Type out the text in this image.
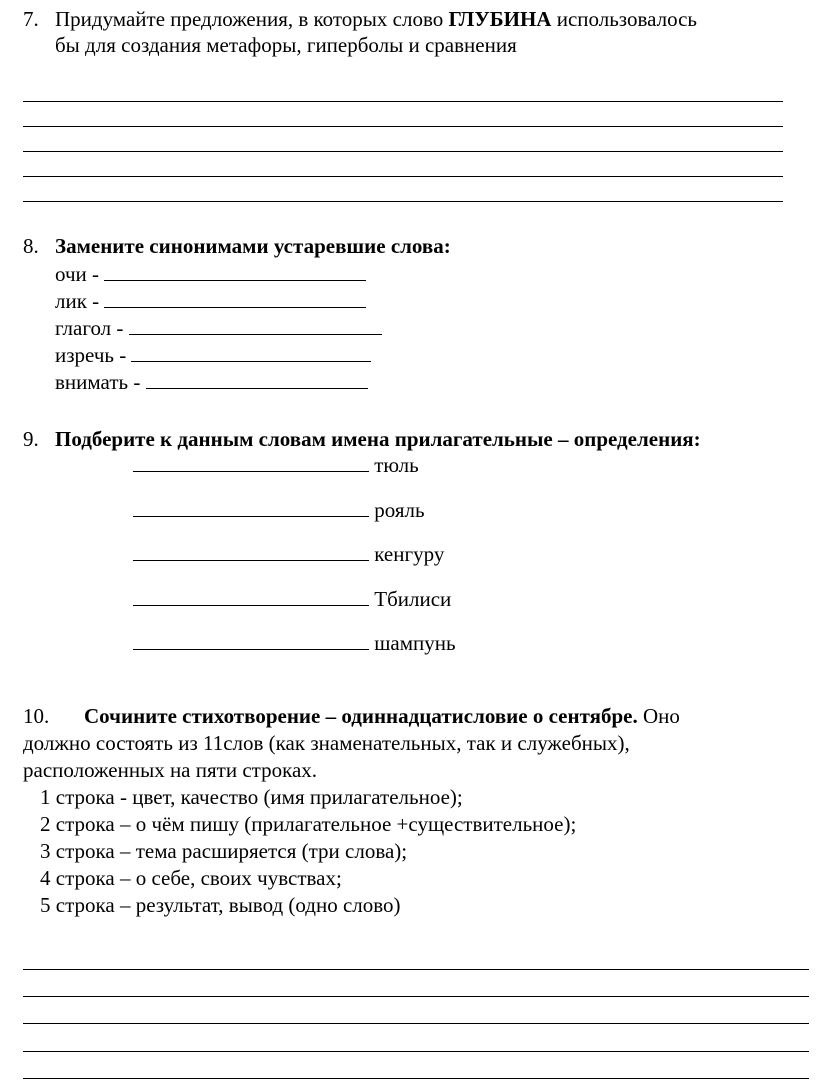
7. Придумайте предложения, в которых слово ГЛУБИНА использовалось
бы для создания метафоры, гиперболы и сравнения
8. Замените синонимами устаревшие слова:
очи -
лик -
глагол -
изречь -
внимать -
9. Подберите к данным словам имена прилагательные – определения:
тюль
рояль
кенгуру
Тбилиси
шампунь
10. Сочините стихотворение – одиннадцатисловие о сентябре. Оно
должно состоять из 11слов (как знаменательных, так и служебных),
расположенных на пяти строках.
1 строка - цвет, качество (имя прилагательное);
2 строка – о чём пишу (прилагательное +существительное);
3 строка – тема расширяется (три слова);
4 строка – о себе, своих чувствах;
5 строка – результат, вывод (одно слово)
